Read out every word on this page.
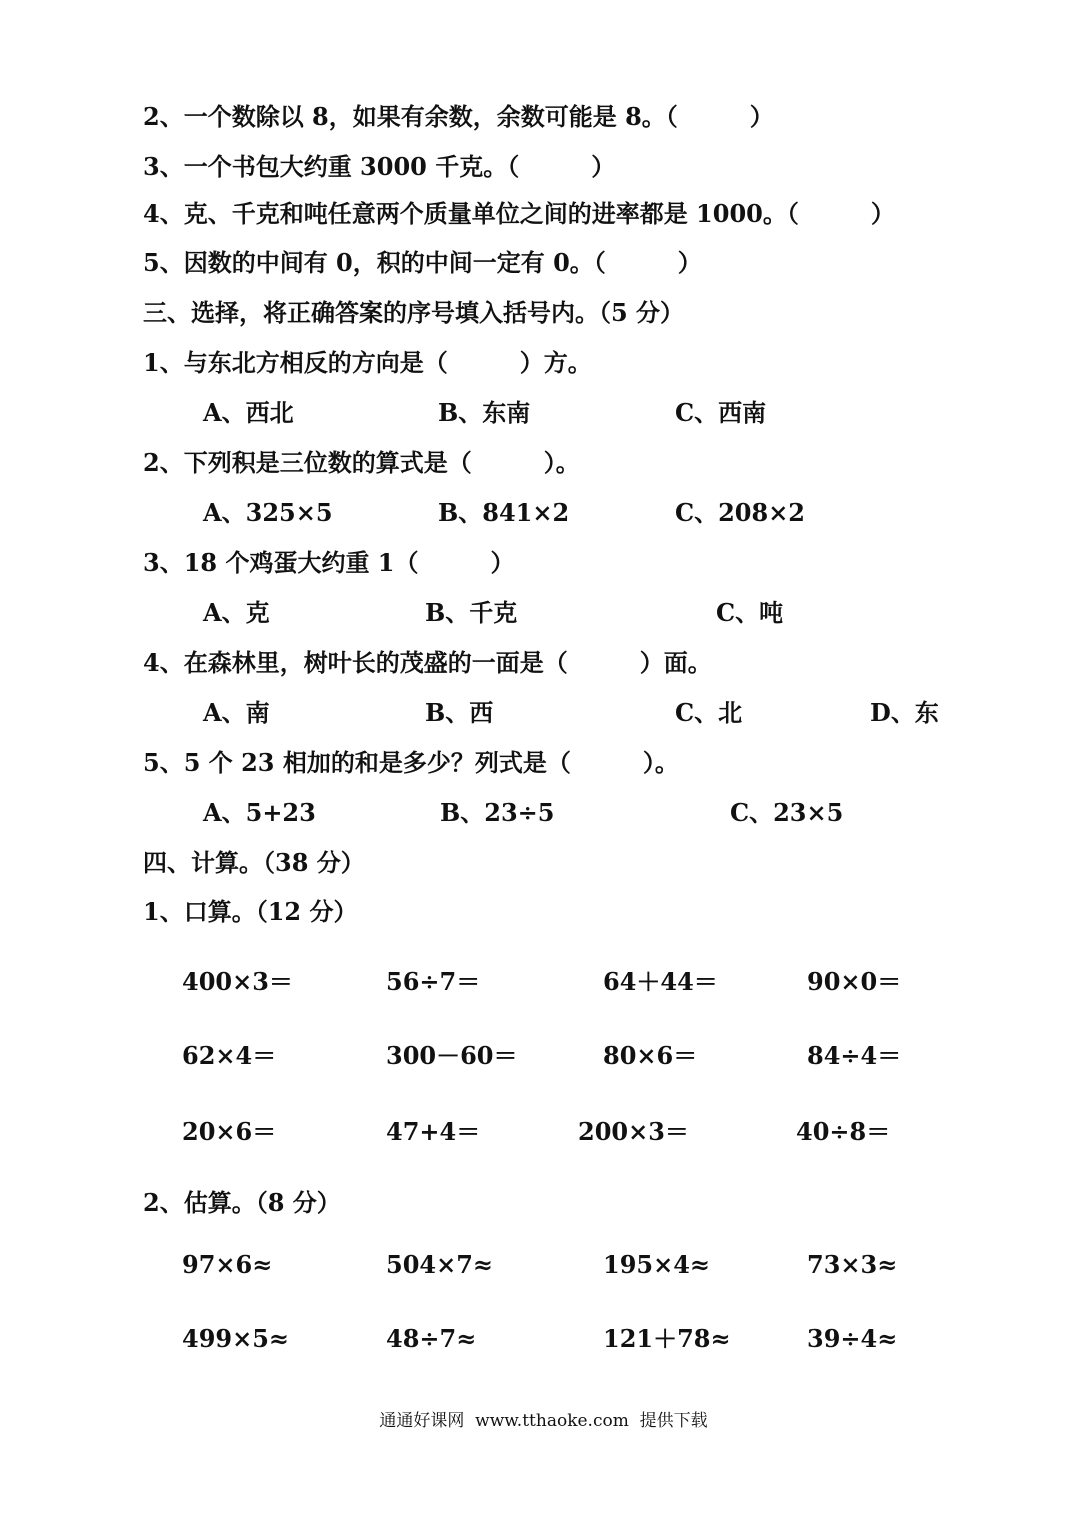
2、一个数除以 8，如果有余数，余数可能是 8。（　　　）
3、一个书包大约重 3000 千克。（　　　）
4、克、千克和吨任意两个质量单位之间的进率都是 1000。（　　　）
5、因数的中间有 0，积的中间一定有 0。（　　　）
三、选择，将正确答案的序号填入括号内。（5 分）
1、与东北方相反的方向是（　　　）方。
A、西北	B、东南	C、西南
2、下列积是三位数的算式是（　　　）。
A、325×5	B、841×2	C、208×2
3、18 个鸡蛋大约重 1（　　　）
A、克	B、千克	C、吨
4、在森林里，树叶长的茂盛的一面是（　　　）面。
A、南	B、西	C、北	D、东
5、5 个 23 相加的和是多少？列式是（　　　）。
A、5+23	B、23÷5	C、23×5
四、计算。（38 分）
1、口算。（12 分）
400×3＝	56÷7＝	64＋44＝	90×0＝
62×4＝	300－60＝	80×6＝	84÷4＝
20×6＝	47+4＝	200×3＝	40÷8＝
2、估算。（8 分）
97×6≈	504×7≈	195×4≈	73×3≈
499×5≈	48÷7≈	121＋78≈	39÷4≈
通通好课网  www.tthaoke.com  提供下载
